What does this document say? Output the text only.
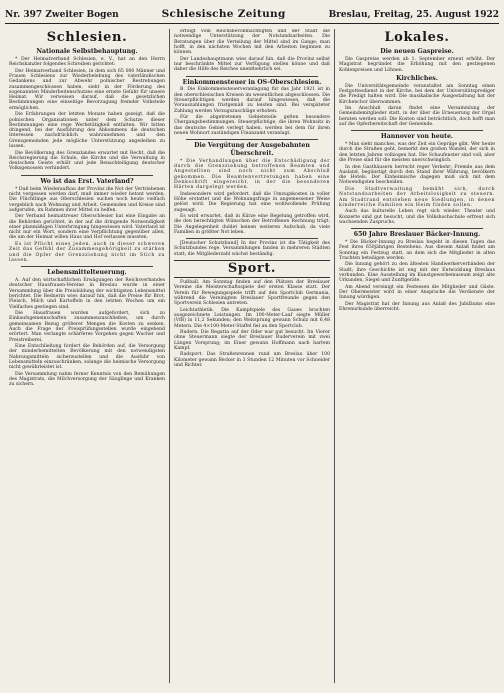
Nr. 397 Zweiter Bogen	Schlesische Zeitung	Breslau, Freitag, 25. August 1922
Schlesien.
Nationale Selbstbehauptung.

* Der Heimatverband Schlesien, e. V., hat an den Herrn Reichskanzler folgendes Schreiben gerichtet:

Der Heimatverband Schlesien, in dem sich 65 000 Männer und Frauen Schlesiens zur Wiederbelebung des vaterländischen Gedankens und zur Abwehr polnischer Bestrebungen zusammengeschlossen haben, sieht in der Förderung des sogenannten Minderheitenschutzes eine ernste Gefahr für unsere Heimat. Wir verweisen darauf, daß die gesetzlichen Bestimmungen eine einseitige Bevorzugung fremder Volksteile ermöglichen.

Die Erfahrungen der letzten Monate haben gezeigt, daß die polnischen Organisationen unter dem Schutze dieser Bestimmungen eine rege Werbetätigkeit entfalten. Wir bitten dringend, bei der Ausführung des Abkommens die deutschen Interessen nachdrücklich wahrzunehmen und den Grenzgemeinden jede mögliche Unterstützung angedeihen zu lassen.

Die Bevölkerung des Grenzlandes erwartet mit Recht, daß die Reichsregierung die Schule, die Kirche und die Verwaltung in deutschem Geiste erhält und jede Benachteiligung deutscher Volksgenossen verhindert.

Wo ist das Erst. Vaterland?

* Daß beim Wiederaufbau der Provinz die Not der Vertriebenen nicht vergessen werden darf, muß immer wieder betont werden. Die Flüchtlinge aus Oberschlesien suchen noch heute vielfach vergeblich nach Wohnung und Arbeit. Gemeinden und Kreise sind aufgerufen, im Rahmen ihrer Mittel zu helfen.

Der Verband heimattreuer Oberschlesier hat eine Eingabe an die Behörden gerichtet, in der auf die dringende Notwendigkeit einer planmäßigen Unterbringung hingewiesen wird. Vaterland ist nicht nur ein Wort, sondern eine Verpflichtung gegenüber allen, die um der Heimat willen Haus und Hof verlassen mussten.

Es ist Pflicht eines jeden, auch in dieser schweren Zeit das Gefühl der Zusammengehörigkeit zu stärken und die Opfer der Grenzziehung nicht im Stich zu lassen.

Lebensmittelteuerung.

A. Auf den wirtschaftlichen Erwägungen der Reichsverbandes deutscher Hausfrauen-Vereine in Breslau wurde in einer Versammlung über die Preisbildung der wichtigsten Lebensmittel berichtet. Die Rednerin wies darauf hin, daß die Preise für Brot, Fleisch, Milch und Kartoffeln in den letzten Wochen um ein Vielfaches gestiegen sind.

Die Hausfrauen wurden aufgefordert, sich zu Einkaufsgemeinschaften zusammenzuschließen, um durch gemeinsamen Bezug größerer Mengen die Kosten zu senken. Auch die Frage der Preisprüfungsstellen wurde eingehend erörtert. Man verlangte schärferes Vorgehen gegen Wucher und Preistreiberei.

Eine Entschließung fordert die Behörden auf, die Versorgung der minderbemittelten Bevölkerung mit den notwendigsten Nahrungsmitteln sicherzustellen und die Ausfuhr von Lebensmitteln einzuschränken, solange die heimische Versorgung nicht gewährleistet ist.

Die Versammlung nahm ferner Kenntnis von den Bemühungen des Magistrats, die Milchversorgung der Säuglinge und Kranken zu sichern.

erfolgt vom Reichsbevollmächtigten und der Stadt die notwendige Unterstützung der Notstandsarbeiten. Die Beratungen über die Verteilung der Mittel sind im Gange; man hofft, in den nächsten Wochen mit den Arbeiten beginnen zu können.

Der Landeshauptmann wies darauf hin, daß die Provinz selbst nur beschränkte Mittel zur Verfügung stellen könne und daß daher die Hilfe des Reiches unentbehrlich sei.

Einkommensteuer in OS-Oberschlesien.

B. Die Einkommensteuerveranlagung für das Jahr 1921 ist in den oberschlesischen Kreisen im wesentlichen abgeschlossen. Die Steuerpflichtigen werden darauf hingewiesen, daß die Vorauszahlungen fristgemäß zu leisten sind. Bei verspäteter Zahlung werden Verzugszuschläge erhoben.

Für die abgetretenen Gebietsteile gelten besondere Übergangsbestimmungen. Steuerpflichtige, die ihren Wohnsitz in das deutsche Gebiet verlegt haben, werden bei dem für ihren neuen Wohnort zuständigen Finanzamt veranlagt.

Die Vergütung der Ausgebahnten Überschreit.

* Die Verhandlungen über die Entschädigung der durch die Grenzziehung betroffenen Beamten und Angestellten sind noch nicht zum Abschluß gekommen. Die Beamtenvertretungen haben eine Denkschrift eingereicht, in der die besonderen Härten dargelegt werden.

Insbesondere wird gefordert, daß die Umzugskosten in voller Höhe erstattet und die Wohnungsfrage in angemessener Weise gelöst wird. Die Regierung hat eine wohlwollende Prüfung zugesagt.

Es wird erwartet, daß in Kürze eine Regelung getroffen wird, die den berechtigten Wünschen der Betroffenen Rechnung trägt. Die Angelegenheit duldet keinen weiteren Aufschub, da viele Familien in größter Not leben.

[Deutscher Schutzbund] In der Provinz ist die Tätigkeit des Schutzbundes rege. Versammlungen fanden in mehreren Städten statt; die Mitgliederzahl wächst beständig.

Sport.

Fußball. Am Sonntag finden auf den Plätzen der Breslauer Vereine die Meisterschaftsspiele der ersten Klasse statt. Der Verein für Bewegungsspiele trifft auf den Sportclub Germania, während die Vereinigten Breslauer Sportfreunde gegen den Sportverein Schlesien antreten.

Leichtathletik. Die Kampfspiele des Gaues brachten ausgezeichnete Leistungen. Im 100-Meter-Lauf siegte Müller (VfB) in 11,2 Sekunden; den Weitsprung gewann Schulz mit 6,48 Metern. Die 4×100-Meter-Staffel fiel an den Sportclub.

Rudern. Die Regatta auf der Oder war gut besucht. Im Vierer ohne Steuermann siegte der Breslauer Ruderverein mit zwei Längen Vorsprung; im Einer gewann Hoffmann nach hartem Kampf.

Radsport. Das Straßenrennen rund um Breslau über 100 Kilometer gewann Becker in 3 Stunden 12 Minuten vor Schneider und Richter.

Lokales.
Die neuen Gaspreise.

Die Gaspreise werden ab 1. September erneut erhöht. Der Magistrat begründet die Erhöhung mit den gestiegenen Kohlenpreisen und Löhnen.

Kirchliches.

Die Universitätsgemeinde veranstaltet am Sonntag einen Festgottesdienst in der Kirche, bei dem der Universitätsprediger die Predigt halten wird. Die musikalische Ausgestaltung hat der Kirchenchor übernommen.

Im Anschluß daran findet eine Versammlung der Gemeindemitglieder statt, in der über die Erneuerung der Orgel beraten werden soll. Die Kosten sind beträchtlich, doch hofft man auf die Opferbereitschaft der Gemeinde.

Hannover von heute.

* Man sieht manches, was der Zeit ein Gepräge gibt. Wer heute durch die Straßen geht, bemerkt den großen Wandel, der sich in den letzten Jahren vollzogen hat. Die Schaufenster sind voll, aber die Preise sind für die meisten unerschwinglich.

In den Gasthäusern herrscht reger Verkehr; Fremde aus dem Ausland, begünstigt durch den Stand ihrer Währung, bevölkern die Hotels. Der Einheimische dagegen muß sich mit dem Notwendigsten bescheiden.

Die Stadtverwaltung bemüht sich, durch Notstandsarbeiten der Arbeitslosigkeit zu steuern. Am Stadtrand entstehen neue Siedlungen, in denen kinderreiche Familien ein Heim finden sollen.

Auch das kulturelle Leben regt sich wieder. Theater und Konzerte sind gut besucht, und die Volkshochschule erfreut sich wachsenden Zuspruchs.

650 Jahre Breslauer Bäcker-Innung.

* Die Bäcker-Innung zu Breslau begeht in diesen Tagen das Fest ihres 650jährigen Bestehens. Aus diesem Anlaß findet am Sonntag ein Festzug statt, an dem sich die Mitglieder in alten Trachten beteiligen werden.

Die Innung gehört zu den ältesten Handwerkerverbänden der Stadt; ihre Geschichte ist eng mit der Entwicklung Breslaus verbunden. Eine Ausstellung im Kunstgewerbemuseum zeigt alte Urkunden, Siegel und Zunftgeräte.

Am Abend vereinigt ein Festessen die Mitglieder und Gäste. Der Obermeister wird in einer Ansprache die Verdienste der Innung würdigen.

Der Magistrat hat der Innung aus Anlaß des Jubiläums eine Ehrenurkunde überreicht.
